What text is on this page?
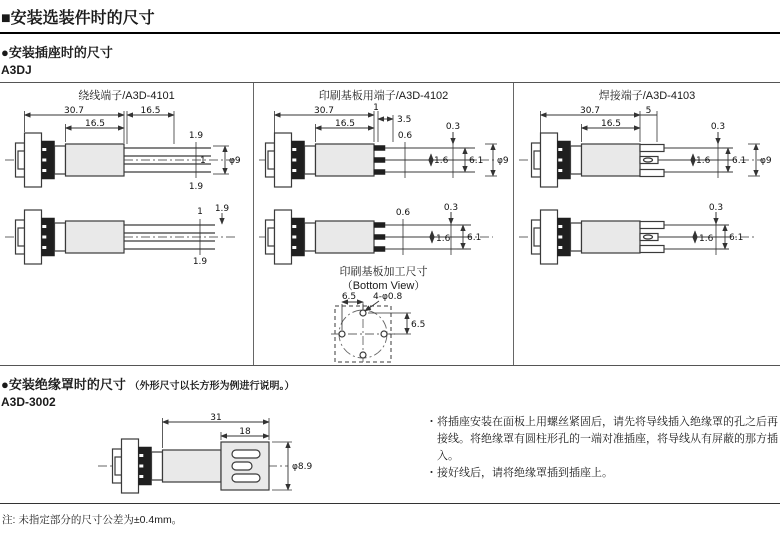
■安装选装件时的尺寸
●安装插座时的尺寸
A3DJ
绕线端子/A3D-4101
30.7
16.5
16.5
1.9
1	φ9
1.9
1 1.9
1.9
印刷基板用端子/A3D-4102
30.7	1
3.5
16.5
0.6
0.3
1.6 6.1 φ9
0.6	0.3
1.6 6.1
印刷基板加工尺寸
（Bottom View）
6.5 4-φ0.8
6.5
焊接端子/A3D-4103
30.7	5
16.5	0.3
1.6 6.1 φ9
0.3
1.6 6.1
●安装绝缘罩时的尺寸 （外形尺寸以长方形为例进行说明。）
A3D-3002
31
18
φ8.9

・将插座安装在面板上用螺丝紧固后，请先将导线插入绝缘罩的孔之后再接线。将绝缘罩有圆柱形孔的一端对准插座，将导线从有屏蔽的那方插入。

・接好线后，请将绝缘罩插到插座上。

注: 未指定部分的尺寸公差为±0.4mm。
